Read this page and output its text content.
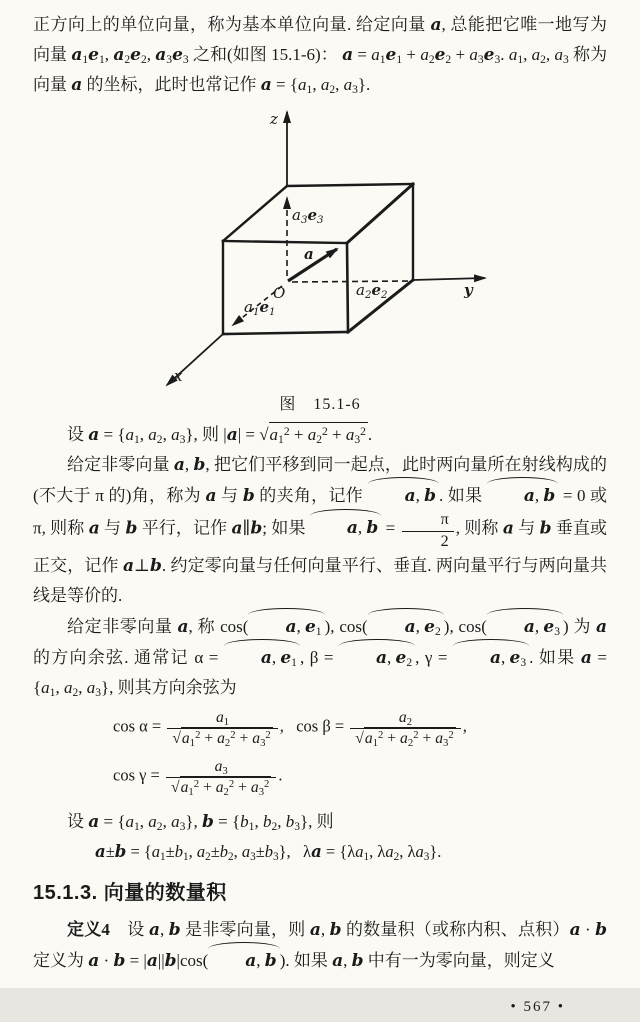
正方向上的单位向量，称为基本单位向量. 给定向量 a, 总能把它唯一地写为向量 $a_1e_1$, $a_2e_2$, $a_3e_3$ 之和(如图 15.1-6)： $a = a_1e_1 + a_2e_2 + a_3e_3$. $a_1$, $a_2$, $a_3$ 称为向量 a 的坐标，此时也常记作 $a = \{a_1$, $a_2$, $a_3$}.

z
$a_3e_3$
a
O
$a_1e_1$
$a_2e_2$	y
x
图　15.1-6

设 $a = \{a_1$, $a_2$, $a_3$}, 则 $|a| = √a_1^2 + a_2^2 + a_3^2$ .

给定非零向量 a, b, 把它们平移到同一起点，此时两向量所在射线构成的(不大于 π 的)角，称为 a 与 b 的夹角，记作 a, b . 如果 a, b = 0 或 π, 则称 a 与 b 平行，记作 a∥b; 如果 a, $b = \frac{\pi}{2}$ , 则称 a 与 b 垂直或正交，记作 a⊥b. 约定零向量与任何向量平行、垂直. 两向量平行与两向量共线是等价的.

给定非零向量 a, 称 cos( a, $e_1$ ), cos( a, $e_2$ ), cos( a, $e_3$ ) 为 a 的方向余弦. 通常记 α = a, $e_1$ , β = a, $e_2$ , γ = a, $e_3$ . 如果 $a = \{a_1$, $a_2$, $a_3$}, 则其方向余弦为

$\cos \alpha = \frac{a_1}{√a_1^2 + a_2^2 + a_3^2}$ ,  $\cos \beta = \frac{a_2}{√a_1^2 + a_2^2 + a_3^2}$ ,
$\cos \gamma = \frac{a_3}{√a_1^2 + a_2^2 + a_3^2}$ .

设 $a = \{a_1$, $a_2$, $a_3$}, $b = \{b_1$, $b_2$, $b_3$}, 则

$a\pm b = \{a_1\pm b_1$, $a_2\pm b_2$, $a_3\pm b_3$},  $\lambda a = \{\lambda a_1$, $\lambda a_2$, $\lambda a_3$}.
15.1.3. 向量的数量积

定义4　设 a, b 是非零向量，则 a, b 的数量积（或称内积、点积）a · b 定义为 a · b = |a||b|cos( a, b ). 如果 a, b 中有一为零向量，则定义

• 567 •
